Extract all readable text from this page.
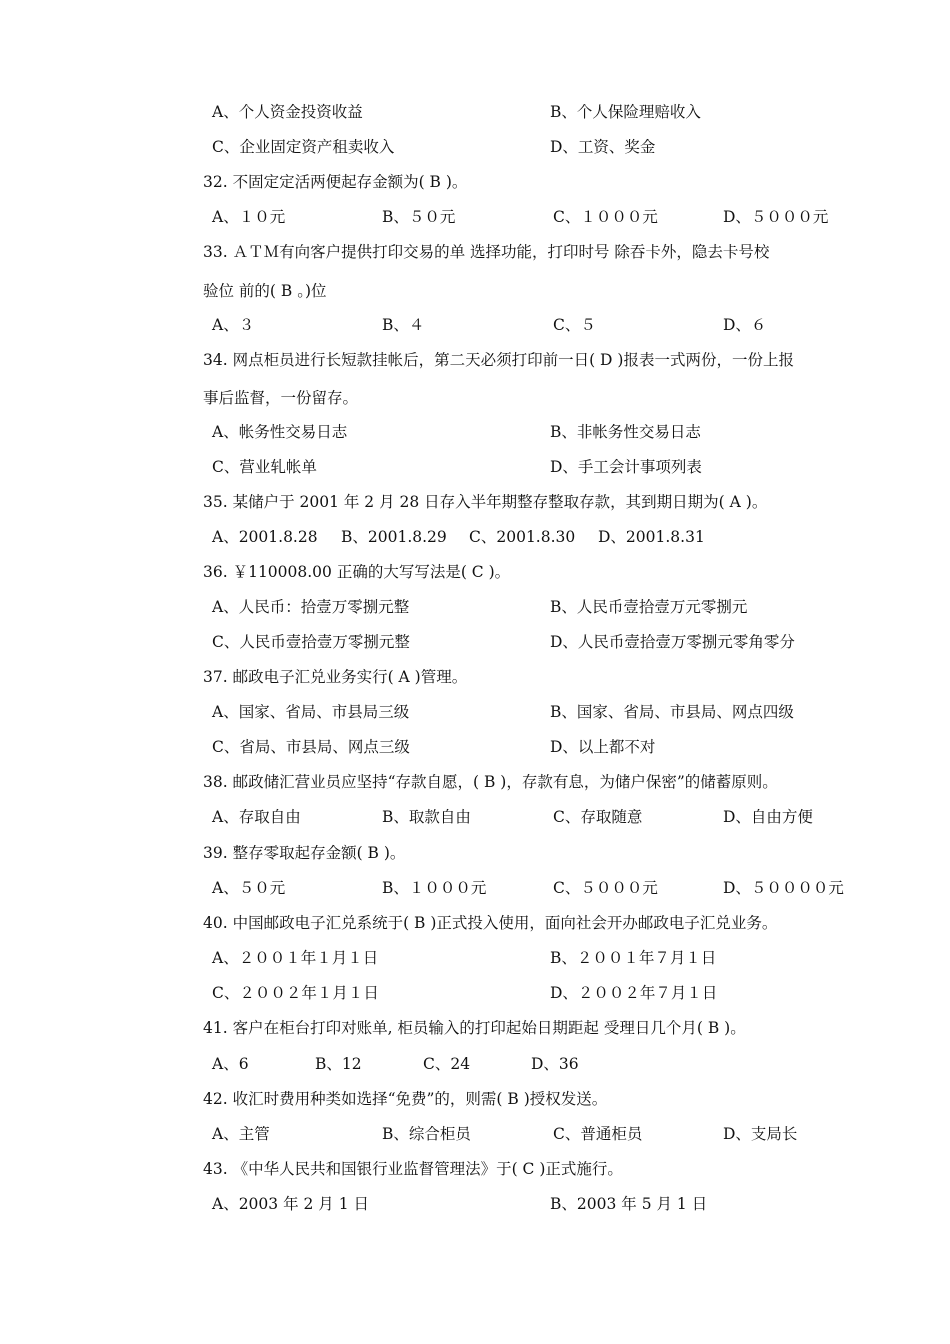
A、个人资金投资收益	B、个人保险理赔收入
C、企业固定资产租卖收入	D、工资、奖金
32. 不固定定活两便起存金额为( B )。
A、１０元	B、５０元	C、１０００元	D、５０００元
33. ＡＴＭ有向客户提供打印交易的单 选择功能，打印时号 除吞卡外，隐去卡号校
验位 前的( B 。)位
A、３	B、４	C、５	D、６
34. 网点柜员进行长短款挂帐后，第二天必须打印前一日( D )报表一式两份，一份上报
事后监督，一份留存。
A、帐务性交易日志	B、非帐务性交易日志
C、营业轧帐单	D、手工会计事项列表
35. 某储户于 2001 年 2 月 28 日存入半年期整存整取存款，其到期日期为( A )。
A、2001.8.28 B、2001.8.29 C、2001.8.30 D、2001.8.31
36. ￥110008.00 正确的大写写法是( C )。
A、人民币：拾壹万零捌元整	B、人民币壹拾壹万元零捌元
C、人民币壹拾壹万零捌元整	D、人民币壹拾壹万零捌元零角零分
37. 邮政电子汇兑业务实行( A )管理。
A、国家、省局、市县局三级	B、国家、省局、市县局、网点四级
C、省局、市县局、网点三级	D、以上都不对
38. 邮政储汇营业员应坚持“存款自愿，( B )，存款有息，为储户保密”的储蓄原则。
A、存取自由	B、取款自由	C、存取随意	D、自由方便
39. 整存零取起存金额( B )。
A、５０元	B、１０００元	C、５０００元	D、５００００元
40. 中国邮政电子汇兑系统于( B )正式投入使用，面向社会开办邮政电子汇兑业务。
A、２００１年１月１日	B、２００１年７月１日
C、２００２年１月１日	D、２００２年７月１日
41. 客户在柜台打印对账单, 柜员输入的打印起始日期距起 受理日几个月( B )。
A、6	B、12	C、24	D、36
42. 收汇时费用种类如选择“免费”的，则需( B )授权发送。
A、主管	B、综合柜员	C、普通柜员	D、支局长
43. 《中华人民共和国银行业监督管理法》于( C )正式施行。
A、2003 年 2 月 1 日	B、2003 年 5 月 1 日
